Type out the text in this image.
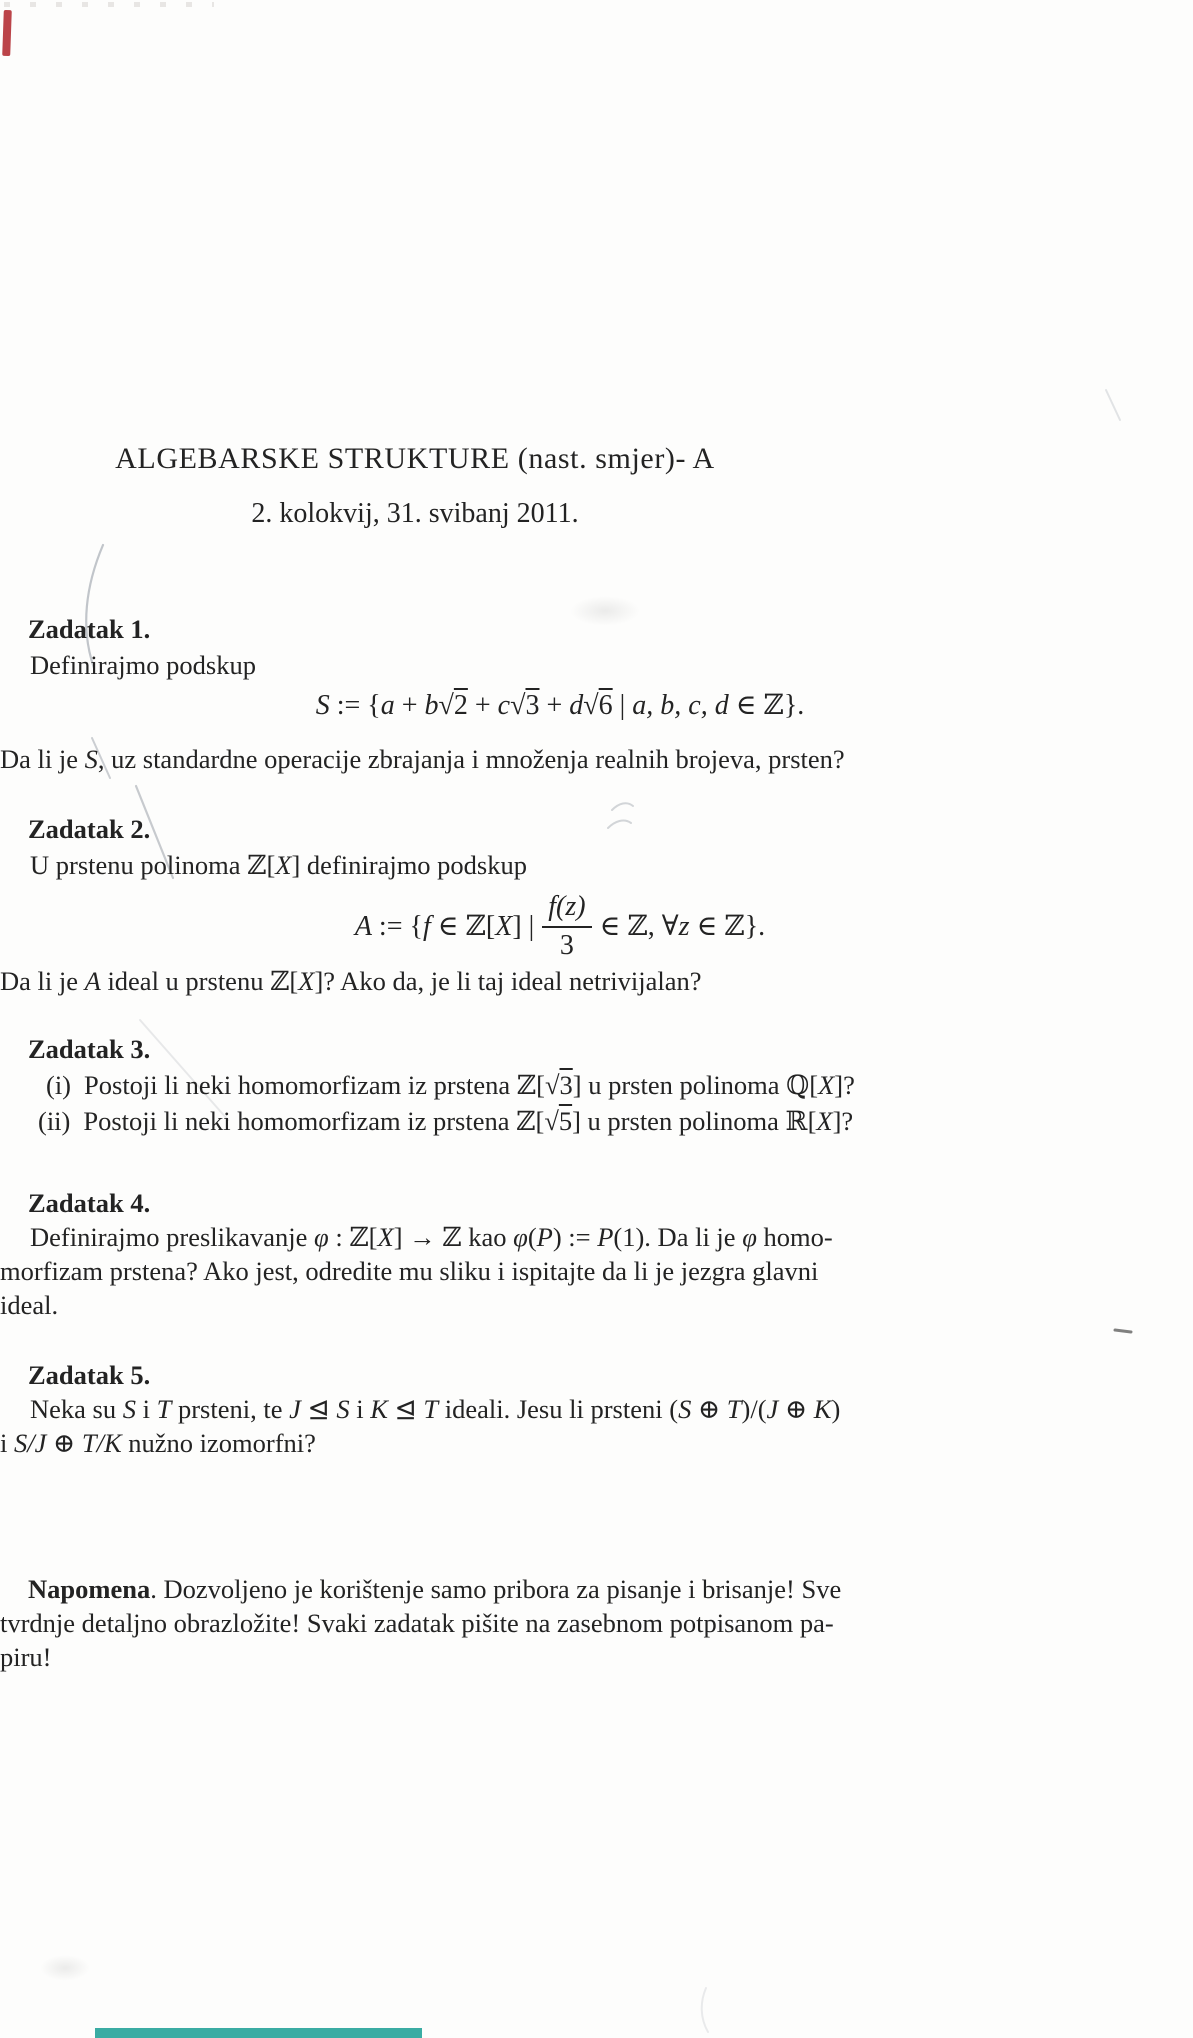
ALGEBARSKE STRUKTURE (nast. smjer)- A
2. kolokvij, 31. svibanj 2011.
Zadatak 1.
Definirajmo podskup
S := {a + b√2 + c√3 + d√6 | a, b, c, d ∈ ℤ}.
Da li je S, uz standardne operacije zbrajanja i množenja realnih brojeva, prsten?
Zadatak 2.
U prstenu polinoma ℤ[X] definirajmo podskup
A := {f ∈ ℤ[X] | $\frac{f(z)}{3}$ ∈ ℤ, ∀z ∈ ℤ}.
Da li je A ideal u prstenu ℤ[X]? Ako da, je li taj ideal netrivijalan?
Zadatak 3.
(i) Postoji li neki homomorfizam iz prstena ℤ[√3] u prsten polinoma ℚ[X]?
(ii) Postoji li neki homomorfizam iz prstena ℤ[√5] u prsten polinoma ℝ[X]?
Zadatak 4.
Definirajmo preslikavanje φ : ℤ[X] → ℤ kao φ(P) := P(1). Da li je φ homo-
morfizam prstena? Ako jest, odredite mu sliku i ispitajte da li je jezgra glavni
ideal.
Zadatak 5.
Neka su S i T prsteni, te J ⊴ S i K ⊴ T ideali. Jesu li prsteni (S ⊕ T)/(J ⊕ K)
i S/J ⊕ T/K nužno izomorfni?
Napomena. Dozvoljeno je korištenje samo pribora za pisanje i brisanje! Sve
tvrdnje detaljno obrazložite! Svaki zadatak pišite na zasebnom potpisanom pa-
piru!
